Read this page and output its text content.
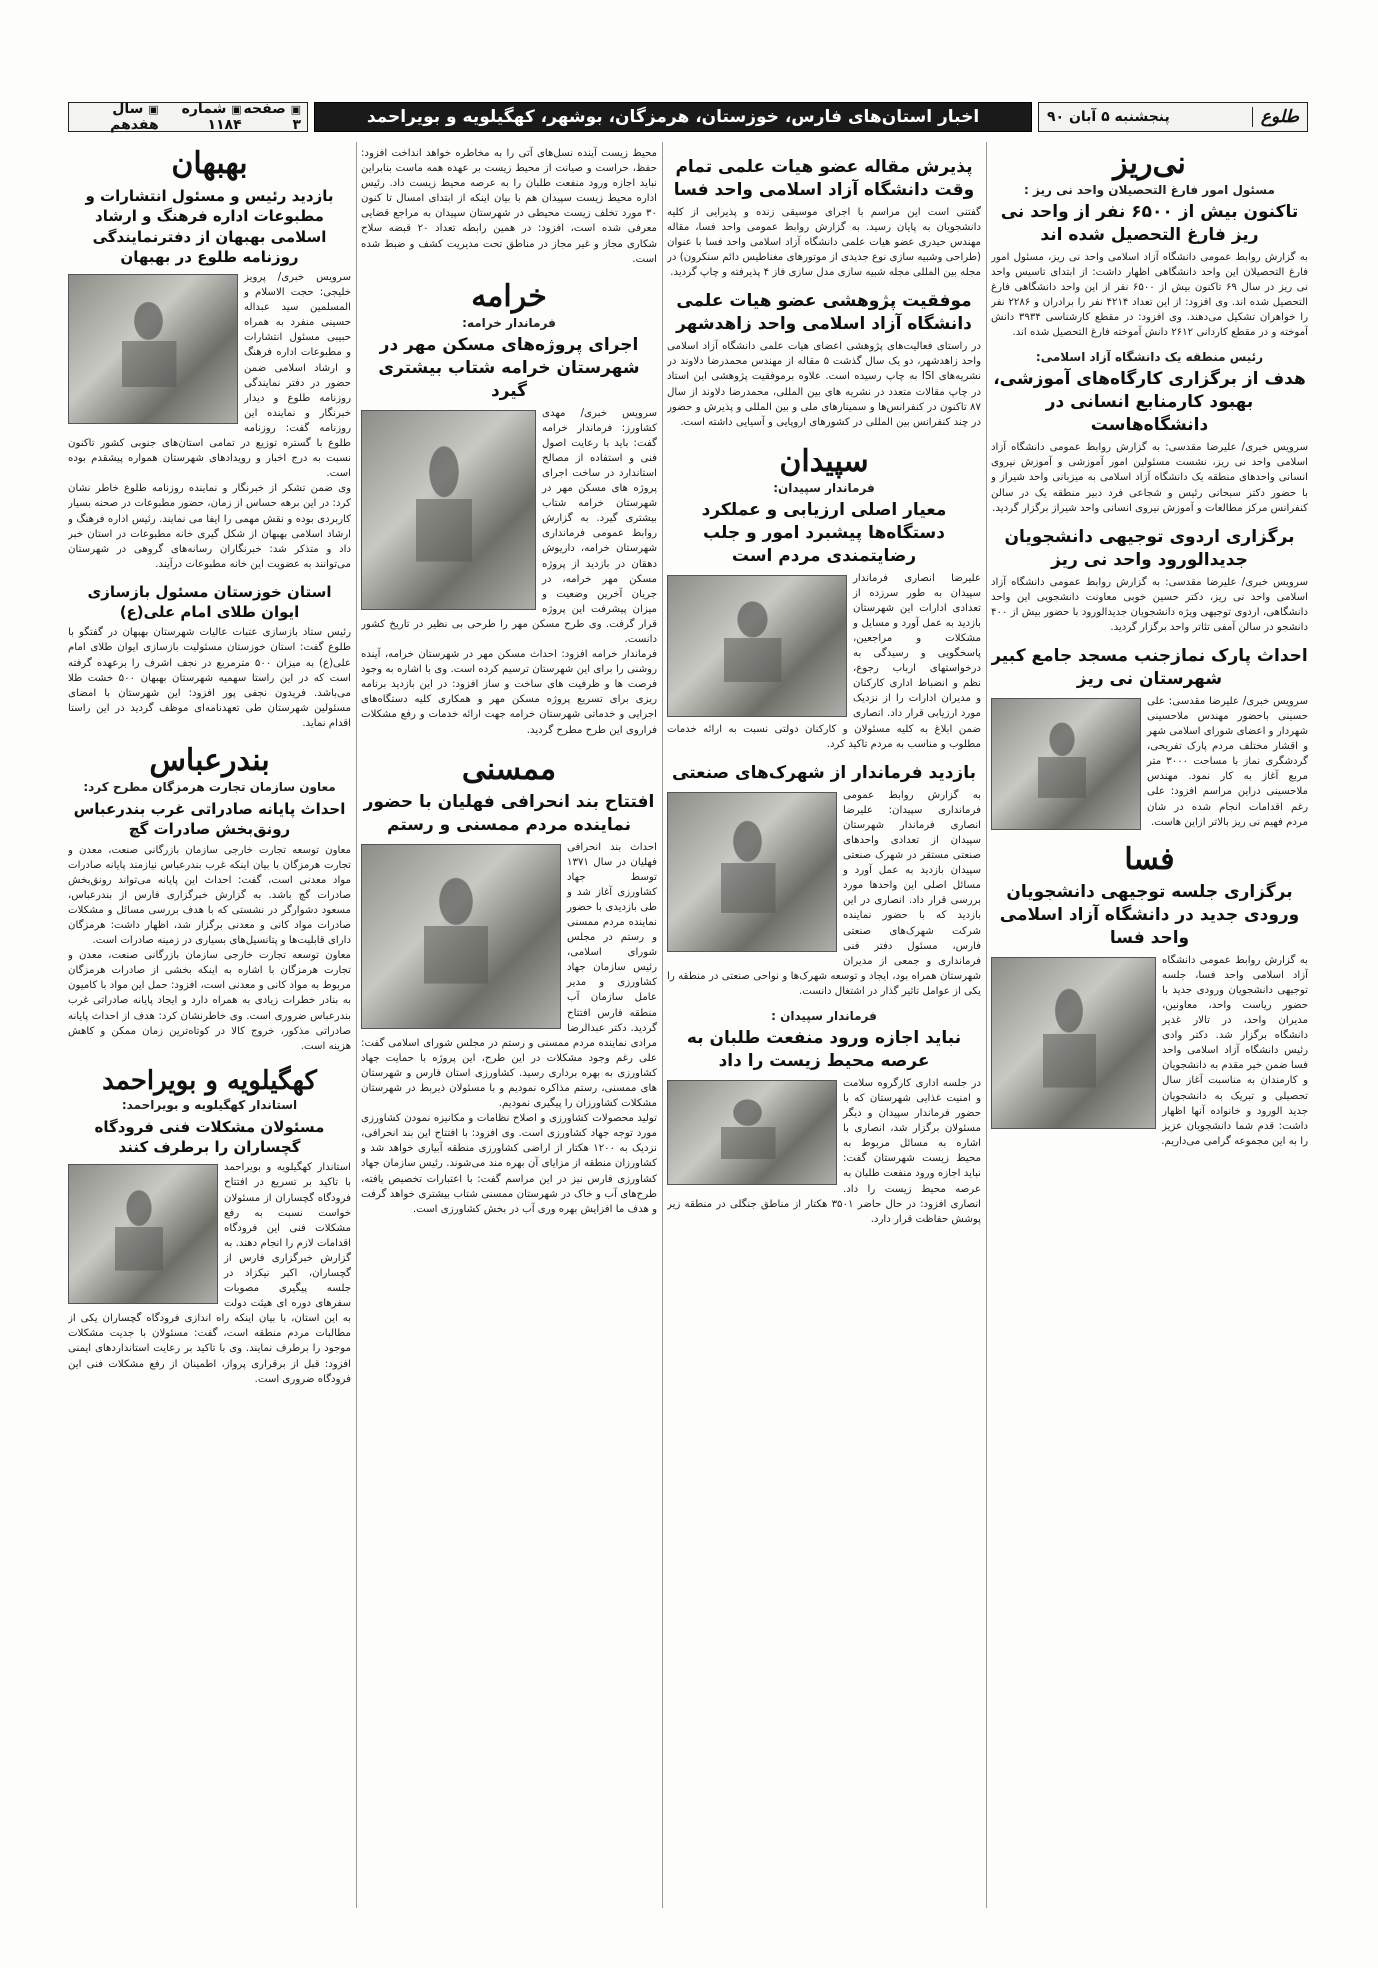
▣ صفحه ۳
▣ شماره ۱۱۸۴
▣ سال هفدهم	اخبار استان‌های فارس، خوزستان، هرمزگان، بوشهر، کهگیلویه و بویراحمد	طلوع
پنجشنبه ۵ آبان ۹۰
نی‌ریز
مسئول امور فارغ التحصیلان واحد نی ریز :
تاکنون بیش از ۶۵۰۰ نفر از واحد نی ریز فارغ التحصیل شده اند

به گزارش روابط عمومی دانشگاه آزاد اسلامی واحد نی ریز، مسئول امور فارغ التحصیلان این واحد دانشگاهی اظهار داشت: از ابتدای تاسیس واحد نی ریز در سال ۶۹ تاکنون بیش از ۶۵۰۰ نفر از این واحد دانشگاهی فارغ التحصیل شده اند. وی افزود: از این تعداد ۴۲۱۴ نفر را برادران و ۲۲۸۶ نفر را خواهران تشکیل می‌دهند. وی افزود: در مقطع کارشناسی ۳۹۳۴ دانش آموخته و در مقطع کاردانی ۲۶۱۲ دانش آموخته فارغ التحصیل شده اند.

رئیس منطقه یک دانشگاه آزاد اسلامی:
هدف از برگزاری کارگاه‌های آموزشی، بهبود کارمنابع انسانی در دانشگاه‌هاست

سرویس خبری/ علیرضا مقدسی: به گزارش روابط عمومی دانشگاه آزاد اسلامی واحد نی ریز، نشست مسئولین امور آموزشی و آموزش نیروی انسانی واحدهای منطقه یک دانشگاه آزاد اسلامی به میزبانی واحد شیراز و با حضور دکتر سبحانی رئیس و شجاعی فرد دبیر منطقه یک در سالن کنفرانس مرکز مطالعات و آموزش نیروی انسانی واحد شیراز برگزار گردید.

برگزاری اردوی توجیهی دانشجویان جدیدالورود واحد نی ریز

سرویس خبری/ علیرضا مقدسی: به گزارش روابط عمومی دانشگاه آزاد اسلامی واحد نی ریز، دکتر حسین خوبی معاونت دانشجویی این واحد دانشگاهی، اردوی توجیهی ویژه دانشجویان جدیدالورود با حضور بیش از ۴۰۰ دانشجو در سالن آمفی تئاتر واحد برگزار گردید.

احداث پارک نمازجنب مسجد جامع کبیر شهرستان نی ریز

سرویس خبری/ علیرضا مقدسی: علی حسینی باحضور مهندس ملاحسینی شهردار و اعضای شورای اسلامی شهر و اقشار مختلف مردم پارک تفریحی، گردشگری نماز با مساحت ۳۰۰۰ متر مربع آغاز به کار نمود. مهندس ملاحسینی دراین مراسم افزود: علی رغم اقدامات انجام شده در شان مردم فهیم نی ریز بالاتر ازاین هاست.

فسا
برگزاری جلسه توجیهی دانشجویان ورودی جدید در دانشگاه آزاد اسلامی واحد فسا

به گزارش روابط عمومی دانشگاه آزاد اسلامی واحد فسا، جلسه توجیهی دانشجویان ورودی جدید با حضور ریاست واحد، معاونین، مدیران واحد، در تالار غدیر دانشگاه برگزار شد. دکتر وادی رئیس دانشگاه آزاد اسلامی واحد فسا ضمن خیر مقدم به دانشجویان و کارمندان به مناسبت آغاز سال تحصیلی و تبریک به دانشجویان جدید الورود و خانواده آنها اظهار داشت: قدم شما دانشجویان عزیز را به این مجموعه گرامی می‌داریم.

پذیرش مقاله عضو هیات علمی تمام وقت دانشگاه آزاد اسلامی واحد فسا

گفتنی است این مراسم با اجرای موسیقی زنده و پذیرایی از کلیه دانشجویان به پایان رسید. به گزارش روابط عمومی واحد فسا، مقاله مهندس حیدری عضو هیات علمی دانشگاه آزاد اسلامی واحد فسا با عنوان (طراحی وشبیه سازی نوع جدیدی از موتورهای مغناطیس دائم سنکرون) در مجله بین المللی مجله شبیه سازی مدل سازی فاز ۴ پذیرفته و چاپ گردید.

موفقیت پژوهشی عضو هیات علمی دانشگاه آزاد اسلامی واحد زاهدشهر

در راستای فعالیت‌های پژوهشی اعضای هیات علمی دانشگاه آزاد اسلامی واحد زاهدشهر، دو یک سال گذشت ۵ مقاله از مهندس محمدرضا دلاوند در نشریه‌های ISI به چاپ رسیده است. علاوه برموفقیت پژوهشی این استاد در چاپ مقالات متعدد در نشریه های بین المللی، محمدرضا دلاوند از سال ۸۷ تاکنون در کنفرانس‌ها و سمینارهای ملی و بین المللی و پذیرش و حضور در چند کنفرانس بین المللی در کشورهای اروپایی و آسیایی داشته است.

سپیدان
فرماندار سپیدان:
معیار اصلی ارزیابی و عملکرد دستگاه‌ها پیشبرد امور و جلب رضایتمندی مردم است

علیرضا انصاری فرماندار سپیدان به طور سرزده از تعدادی ادارات این شهرستان بازدید به عمل آورد و مسایل و مشکلات و مراجعین، پاسخگویی و رسیدگی به درخواستهای ارباب رجوع، نظم و انضباط اداری کارکنان و مدیران ادارات را از نزدیک مورد ارزیابی قرار داد. انصاری ضمن ابلاغ به کلیه مسئولان و کارکنان دولتی نسبت به ارائه خدمات مطلوب و مناسب به مردم تاکید کرد.

بازدید فرماندار از شهرک‌های صنعتی

به گزارش روابط عمومی فرمانداری سپیدان: علیرضا انصاری فرماندار شهرستان سپیدان از تعدادی واحدهای صنعتی مستقر در شهرک صنعتی سپیدان بازدید به عمل آورد و مسائل اصلی این واحدها مورد بررسی قرار داد. انصاری در این بازدید که با حضور نماینده شرکت شهرک‌های صنعتی فارس، مسئول دفتر فنی فرمانداری و جمعی از مدیران شهرستان همراه بود، ایجاد و توسعه شهرک‌ها و نواحی صنعتی در منطقه را یکی از عوامل تاثیر گذار در اشتغال دانست.

فرماندار سپیدان :
نباید اجازه ورود منفعت طلبان به عرصه محیط زیست را داد

در جلسه اداری کارگروه سلامت و امنیت غذایی شهرستان که با حضور فرماندار سپیدان و دیگر مسئولان برگزار شد، انصاری با اشاره به مسائل مربوط به محیط زیست شهرستان گفت: نباید اجازه ورود منفعت طلبان به عرصه محیط زیست را داد. انصاری افزود: در حال حاضر ۳۵۰۱ هکتار از مناطق جنگلی در منطقه زیر پوشش حفاظت قرار دارد.

محیط زیست آینده نسل‌های آتی را به مخاطره خواهد انداخت افزود: حفظ، حراست و صیانت از محیط زیست بر عهده همه ماست بنابراین نباید اجازه ورود منفعت طلبان را به عرصه محیط زیست داد. رئیس اداره محیط زیست سپیدان هم با بیان اینکه از ابتدای امسال تا کنون ۳۰ مورد تخلف زیست محیطی در شهرستان سپیدان به مراجع قضایی معرفی شده است، افزود: در همین رابطه تعداد ۲۰ قبضه سلاح شکاری مجاز و غیر مجاز در مناطق تحت مدیریت کشف و ضبط شده است.

خرامه
فرماندار خرامه:
اجرای پروژه‌های مسکن مهر در شهرستان خرامه شتاب بیشتری گیرد

سرویس خبری/ مهدی کشاورز: فرماندار خرامه گفت: باید با رعایت اصول فنی و استفاده از مصالح استاندارد در ساخت اجرای پروژه های مسکن مهر در شهرستان خرامه شتاب بیشتری گیرد. به گزارش روابط عمومی فرمانداری شهرستان خرامه، داریوش دهقان در بازدید از پروژه مسکن مهر خرامه، در جریان آخرین وضعیت و میزان پیشرفت این پروژه قرار گرفت. وی طرح مسکن مهر را طرحی بی نظیر در تاریخ کشور دانست.

فرماندار خرامه افزود: احداث مسکن مهر در شهرستان خرامه، آینده روشنی را برای این شهرستان ترسیم کرده است. وی با اشاره به وجود فرصت ها و ظرفیت های ساخت و ساز افزود: در این بازدید برنامه ریزی برای تسریع پروژه مسکن مهر و همکاری کلیه دستگاه‌های اجرایی و خدماتی شهرستان خرامه جهت ارائه خدمات و رفع مشکلات فراروی این طرح مطرح گردید.

ممسنی
افتتاح بند انحرافی فهلیان با حضور نماینده مردم ممسنی و رستم

احداث بند انحرافی فهلیان در سال ۱۳۷۱ توسط جهاد کشاورزی آغاز شد و طی بازدیدی با حضور نماینده مردم ممسنی و رستم در مجلس شورای اسلامی، رئیس سازمان جهاد کشاورزی و مدیر عامل سازمان آب منطقه فارس افتتاح گردید. دکتر عبدالرضا مرادی نماینده مردم ممسنی و رستم در مجلس شورای اسلامی گفت: علی رغم وجود مشکلات در این طرح، این پروژه با حمایت جهاد کشاورزی به بهره برداری رسید. کشاورزی استان فارس و شهرستان های ممسنی، رستم مذاکره نمودیم و با مسئولان ذیربط در شهرستان مشکلات کشاورزان را پیگیری نمودیم.

تولید محصولات کشاورزی و اصلاح نظامات و مکانیزه نمودن کشاورزی مورد توجه جهاد کشاورزی است. وی افزود: با افتتاح این بند انحرافی، نزدیک به ۱۲۰۰ هکتار از اراضی کشاورزی منطقه آبیاری خواهد شد و کشاورزان منطقه از مزایای آن بهره مند می‌شوند. رئیس سازمان جهاد کشاورزی فارس نیز در این مراسم گفت: با اعتبارات تخصیص یافته، طرح‌های آب و خاک در شهرستان ممسنی شتاب بیشتری خواهد گرفت و هدف ما افزایش بهره وری آب در بخش کشاورزی است.

بهبهان
بازدید رئیس و مسئول انتشارات و مطبوعات اداره فرهنگ و ارشاد اسلامی بهبهان از دفترنمایندگی روزنامه طلوع در بهبهان

سرویس خبری/ پرویز خلیجی: حجت الاسلام و المسلمین سید عبداله حسینی منفرد به همراه حبیبی مسئول انتشارات و مطبوعات اداره فرهنگ و ارشاد اسلامی ضمن حضور در دفتر نمایندگی روزنامه طلوع و دیدار خبرنگار و نماینده این روزنامه گفت: روزنامه طلوع با گستره توزیع در تمامی استان‌های جنوبی کشور تاکنون نسبت به درج اخبار و رویدادهای شهرستان همواره پیشقدم بوده است.

وی ضمن تشکر از خبرنگار و نماینده روزنامه طلوع خاطر نشان کرد: در این برهه حساس از زمان، حضور مطبوعات در صحنه بسیار کاربردی بوده و نقش مهمی را ایفا می نمایند. رئیس اداره فرهنگ و ارشاد اسلامی بهبهان از شکل گیری خانه مطبوعات در استان خبر داد و متذکر شد: خبرنگاران رسانه‌های گروهی در شهرستان می‌توانند به عضویت این خانه مطبوعات درآیند.

استان خوزستان مسئول بازسازی ایوان طلای امام علی(ع)

رئیس ستاد بازسازی عتبات عالیات شهرستان بهبهان در گفتگو با طلوع گفت: استان خوزستان مسئولیت بازسازی ایوان طلای امام علی(ع) به میزان ۵۰۰ مترمربع در نجف اشرف را برعهده گرفته است که در این راستا سهمیه شهرستان بهبهان ۵۰۰ خشت طلا می‌باشد. فریدون نجفی پور افزود: این شهرستان با امضای مسئولین شهرستان طی تعهدنامه‌ای موظف گردید در این راستا اقدام نماید.

بندرعباس
معاون سازمان تجارت هرمزگان مطرح کرد:
احداث پایانه صادراتی غرب بندرعباس رونق‌بخش صادرات گچ

معاون توسعه تجارت خارجی سازمان بازرگانی صنعت، معدن و تجارت هرمزگان با بیان اینکه غرب بندرعباس نیازمند پایانه صادرات مواد معدنی است، گفت: احداث این پایانه می‌تواند رونق‌بخش صادرات گچ باشد. به گزارش خبرگزاری فارس از بندرعباس، مسعود دشوارگر در نشستی که با هدف بررسی مسائل و مشکلات صادرات مواد کانی و معدنی برگزار شد، اظهار داشت: هرمزگان دارای قابلیت‌ها و پتانسیل‌های بسیاری در زمینه صادرات است.

معاون توسعه تجارت خارجی سازمان بازرگانی صنعت، معدن و تجارت هرمزگان با اشاره به اینکه بخشی از صادرات هرمزگان مربوط به مواد کانی و معدنی است، افزود: حمل این مواد با کامیون به بنادر خطرات زیادی به همراه دارد و ایجاد پایانه صادراتی غرب بندرعباس ضروری است. وی خاطرنشان کرد: هدف از احداث پایانه صادراتی مذکور، خروج کالا در کوتاه‌ترین زمان ممکن و کاهش هزینه است.

کهگیلویه و بویراحمد
استاندار کهگیلویه و بویراحمد:
مسئولان مشکلات فنی فرودگاه گچساران را برطرف کنند

استاندار کهگیلویه و بویراحمد با تاکید بر تسریع در افتتاح فرودگاه گچساران از مسئولان خواست نسبت به رفع مشکلات فنی این فرودگاه اقدامات لازم را انجام دهند. به گزارش خبرگزاری فارس از گچساران، اکبر نیکزاد در جلسه پیگیری مصوبات سفرهای دوره ای هیئت دولت به این استان، با بیان اینکه راه اندازی فرودگاه گچساران یکی از مطالبات مردم منطقه است، گفت: مسئولان با جدیت مشکلات موجود را برطرف نمایند. وی با تاکید بر رعایت استانداردهای ایمنی افزود: قبل از برقراری پرواز، اطمینان از رفع مشکلات فنی این فرودگاه ضروری است.
